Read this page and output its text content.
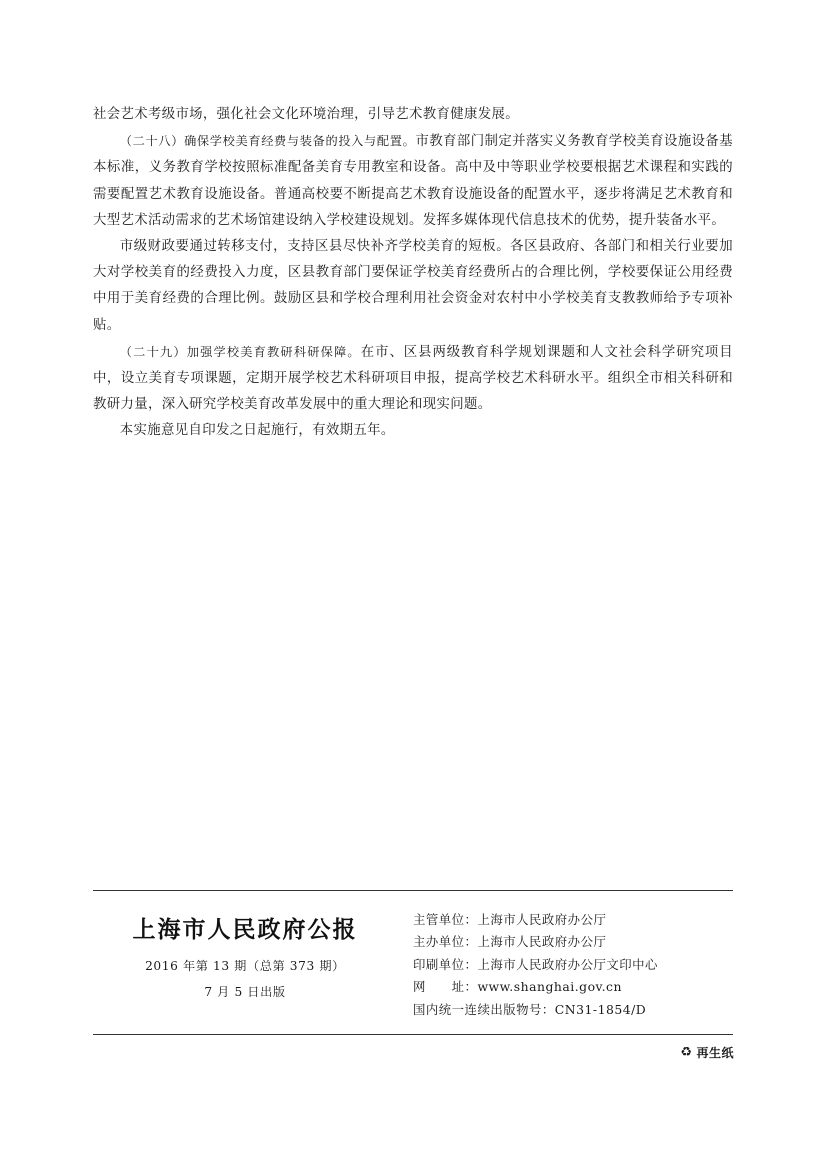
社会艺术考级市场，强化社会文化环境治理，引导艺术教育健康发展。

（二十八）确保学校美育经费与装备的投入与配置。市教育部门制定并落实义务教育学校美育设施设备基本标准，义务教育学校按照标准配备美育专用教室和设备。高中及中等职业学校要根据艺术课程和实践的需要配置艺术教育设施设备。普通高校要不断提高艺术教育设施设备的配置水平，逐步将满足艺术教育和大型艺术活动需求的艺术场馆建设纳入学校建设规划。发挥多媒体现代信息技术的优势，提升装备水平。

市级财政要通过转移支付，支持区县尽快补齐学校美育的短板。各区县政府、各部门和相关行业要加大对学校美育的经费投入力度，区县教育部门要保证学校美育经费所占的合理比例，学校要保证公用经费中用于美育经费的合理比例。鼓励区县和学校合理利用社会资金对农村中小学校美育支教教师给予专项补贴。

（二十九）加强学校美育教研科研保障。在市、区县两级教育科学规划课题和人文社会科学研究项目中，设立美育专项课题，定期开展学校艺术科研项目申报，提高学校艺术科研水平。组织全市相关科研和教研力量，深入研究学校美育改革发展中的重大理论和现实问题。

本实施意见自印发之日起施行，有效期五年。

上海市人民政府公报
2016 年第 13 期（总第 373 期）
7 月 5 日出版
主管单位：上海市人民政府办公厅
主办单位：上海市人民政府办公厅
印刷单位：上海市人民政府办公厅文印中心
网　　址：www.shanghai.gov.cn
国内统一连续出版物号：CN31-1854/D
♻ 再生纸
